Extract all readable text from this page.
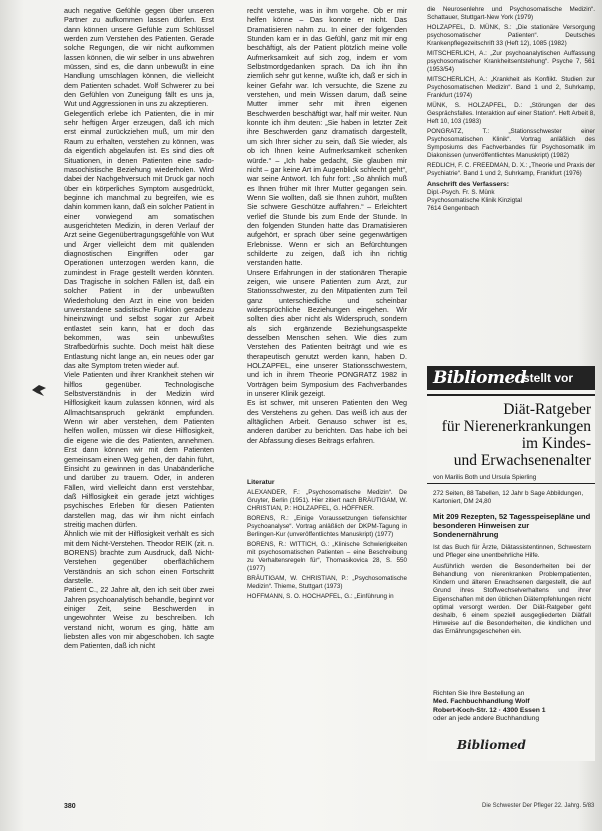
auch negative Gefühle gegen über unseren Partner zu aufkommen lassen dürfen. Erst dann können unsere Gefühle zum Schlüssel werden zum Verstehen des Patienten. Gerade solche Regungen, die wir nicht aufkommen lassen können, die wir selber in uns abwehren müssen, sind es, die dann unbewußt in eine Handlung umschlagen können, die vielleicht dem Patienten schadet. Wolf Schwerer zu bei den Gefühlen von Zuneigung fällt es uns ja, Wut und Aggressionen in uns zu akzeptieren.

Gelegentlich erlebe ich Patienten, die in mir sehr heftigen Ärger erzeugen, daß ich mich erst einmal zurückziehen muß, um mir den Raum zu erhalten, verstehen zu können, was da eigentlich abgelaufen ist. Es sind dies oft Situationen, in denen Patienten eine sado-masochistische Beziehung wiederholen. Wird dabei der Nachgehversuch mit Druck gar noch über ein körperliches Symptom ausgedrückt, beginne ich manchmal zu begreifen, wie es dahin kommen kann, daß ein solcher Patient in einer vorwiegend am somatischen ausgerichteten Medizin, in deren Verlauf der Arzt seine Gegenübertragungsgefühle von Wut und Ärger vielleicht dem mit quälenden diagnostischen Eingriffen oder gar Operationen unterzogen werden kann, die zumindest in Frage gestellt werden könnten. Das Tragische in solchen Fällen ist, daß ein solcher Patient in der unbewußten Wiederholung den Arzt in eine von beiden unverstandene sadistische Funktion geradezu hineinzwingt und selbst sogar zur Arbeit entlastet sein kann, hat er doch das bekommen, was sein unbewußtes Strafbedürfnis suchte. Doch meist hält diese Entlastung nicht lange an, ein neues oder gar das alte Symptom treten wieder auf.

Viele Patienten und ihrer Krankheit stehen wir hilflos gegenüber. Technologische Selbstverständnis in der Medizin wird Hilflosigkeit kaum zulassen können, wird als Allmachtsanspruch gekränkt empfunden. Wenn wir aber verstehen, dem Patienten helfen wollen, müssen wir diese Hilflosigkeit, die eigene wie die des Patienten, annehmen. Erst dann können wir mit dem Patienten gemeinsam einen Weg gehen, der dahin führt, Einsicht zu gewinnen in das Unabänderliche und darüber zu trauern. Oder, in anderen Fällen, wird vielleicht dann erst verstehbar, daß Hilflosigkeit ein gerade jetzt wichtiges psychisches Erleben für diesen Patienten darstellen mag, das wir ihm nicht einfach streitig machen dürfen.

Ähnlich wie mit der Hilflosigkeit verhält es sich mit dem Nicht-Verstehen. Theodor REIK (zit. n. BORENS) brachte zum Ausdruck, daß Nicht-Verstehen gegenüber oberflächlichem Verständnis an sich schon einen Fortschritt darstelle.

Patient C., 22 Jahre alt, den ich seit über zwei Jahren psychoanalytisch behandle, beginnt vor einiger Zeit, seine Beschwerden in ungewohnter Weise zu beschreiben. Ich verstand nicht, worum es ging, hätte am liebsten alles von mir abgeschoben. Ich sagte dem Patienten, daß ich nicht

recht verstehe, was in ihm vorgehe. Ob er mir helfen könne – Das konnte er nicht. Das Dramatisieren nahm zu. In einer der folgenden Stunden kam er in das Gefühl, ganz mit mir eng beschäftigt, als der Patient plötzlich meine volle Aufmerksamkeit auf sich zog, indem er vom Selbstmordgedanken sprach. Da ich ihn ihn ziemlich sehr gut kenne, wußte ich, daß er sich in keiner Gefahr war. Ich versuchte, die Szene zu verstehen, und mein Wissen darum, daß seine Mutter immer sehr mit ihren eigenen Beschwerden beschäftigt war, half mir weiter. Nun konnte ich ihm deuten: „Sie haben in letzter Zeit ihre Beschwerden ganz dramatisch dargestellt, um sich Ihrer sicher zu sein, daß Sie wieder, als ob ich Ihnen keine Aufmerksamkeit schenken würde.“ – „Ich habe gedacht, Sie glauben mir nicht – gar keine Art im Augenblick schlecht geht“, war seine Antwort. Ich fuhr fort: „So ähnlich muß es Ihnen früher mit Ihrer Mutter gegangen sein. Wenn Sie wollten, daß sie Ihnen zuhört, mußten Sie schwere Geschütze auffahren.“ – Erleichtert verlief die Stunde bis zum Ende der Stunde. In den folgenden Stunden hatte das Dramatisieren aufgehört, er sprach über seine gegenwärtigen Erlebnisse. Wenn er sich an Befürchtungen schilderte zu zeigen, daß ich ihn richtig verstanden hatte.

Unsere Erfahrungen in der stationären Therapie zeigen, wie unsere Patienten zum Arzt, zur Stationsschwester, zu den Mitpatienten zum Teil ganz unterschiedliche und scheinbar widersprüchliche Beziehungen eingehen. Wir sollten dies aber nicht als Widerspruch, sondern als sich ergänzende Beziehungsaspekte desselben Menschen sehen. Wie dies zum Verstehen des Patienten beiträgt und wie es therapeutisch genutzt werden kann, haben D. HOLZAPFEL, eine unserer Stationsschwestern, und ich in ihrem Theorie PONGRATZ 1982 in Vorträgen beim Symposium des Fachverbandes in unserer Klinik gezeigt.

Es ist schwer, mit unseren Patienten den Weg des Verstehens zu gehen. Das weiß ich aus der alltäglichen Arbeit. Genauso schwer ist es, anderen darüber zu berichten. Das habe ich bei der Abfassung dieses Beitrags erfahren.

Literatur

ALEXANDER, F.: „Psychosomatische Medizin“. De Gruyter, Berlin (1951). Hier zitiert nach BRÄUTIGAM, W. CHRISTIAN, P.: HOLZAPFEL, G. HÖFFNER.

BORENS, R.: „Einige Voraussetzungen tiefensichter Psychoanalyse“. Vortrag anläßlich der DKPM-Tagung in Berlingen-Kur (unveröffentlichtes Manuskript) (1977)

BORENS, R.: WITTICH, G.: „Klinische Schwierigkeiten mit psychosomatischen Patienten – eine Beschreibung zu Verhaltensregeln für“, Thomasikovica 28, S. 550 (1977)

BRÄUTIGAM, W. CHRISTIAN, P.: „Psychosomatische Medizin“. Thieme, Stuttgart (1973)

HOFFMANN, S. O. HOCHAPFEL, G.: „Einführung in

die Neurosenlehre und Psychosomatische Medizin“. Schattauer, Stuttgart-New York (1979)

HOLZAPFEL, D. MÜNK, S.: „Die stationäre Versorgung psychosomatischer Patienten“. Deutsches Krankenpflegezeitschrift 33 (Heft 12), 1085 (1982)

MITSCHERLICH, A.: „Zur psychoanalytischen Auffassung psychosomatischer Krankheitsentstehung“. Psyche 7, 561 (1953/54)

MITSCHERLICH, A.: „Krankheit als Konflikt. Studien zur Psychosomatischen Medizin“. Band 1 und 2, Suhrkamp, Frankfurt (1974)

MÜNK, S. HOLZAPFEL, D.: „Störungen der des Gesprächsfalles. Interaktion auf einer Station“. Heft Arbeit 8, Heft 10, 103 (1983)

PONGRATZ, T.: „Stationsschwester einer Psychosomatischen Klinik“. Vortrag anläßlich des Symposiums des Fachverbandes für Psychosomatik im Diakonissen (unveröffentlichtes Manuskript) (1982)

REDLICH, F. C. FREEDMAN, D. X.: „Theorie und Praxis der Psychiatrie“. Band 1 und 2, Suhrkamp, Frankfurt (1976)

Anschrift des Verfassers:

Dipl.-Psych. Fr. S. Münk
Psychosomatische Klinik Kinzigtal
7614 Gengenbach

Bibliomed
stellt vor
Diät-Ratgeber
für Nierenerkrankungen
im Kindes-
und Erwachsenenalter
von Marilis Both und Ursula Spierling
272 Seiten, 88 Tabellen, 12 Jahr b Sage Abbildungen, Kartoniert, DM 24,80
Mit 209 Rezepten, 52 Tagesspeisepläne und besonderen Hinweisen zur Sondenernährung

Ist das Buch für Ärzte, Diätassistentinnen, Schwestern und Pfleger eine unentbehrliche Hilfe.

Ausführlich werden die Besonderheiten bei der Behandlung von nierenkranken Problempatienten, Kindern und älteren Erwachsenen dargestellt, die auf Grund ihres Stoffwechselverhaltens und ihrer Eigenschaften mit den üblichen Diätempfehlungen nicht optimal versorgt werden. Der Diät-Ratgeber geht deshalb, 6 einem speziell ausgegliederten Diätfall Hinweise auf die Besonderheiten, die kindlichen und das Ernährungsgeschehen ein.

Richten Sie Ihre Bestellung an
Med. Fachbuchhandlung Wolf
Robert-Koch-Str. 12 · 4300 Essen 1
oder an jede andere Buchhandlung
Bibliomed
380	Die Schwester Der Pfleger 22. Jahrg. 5/83
